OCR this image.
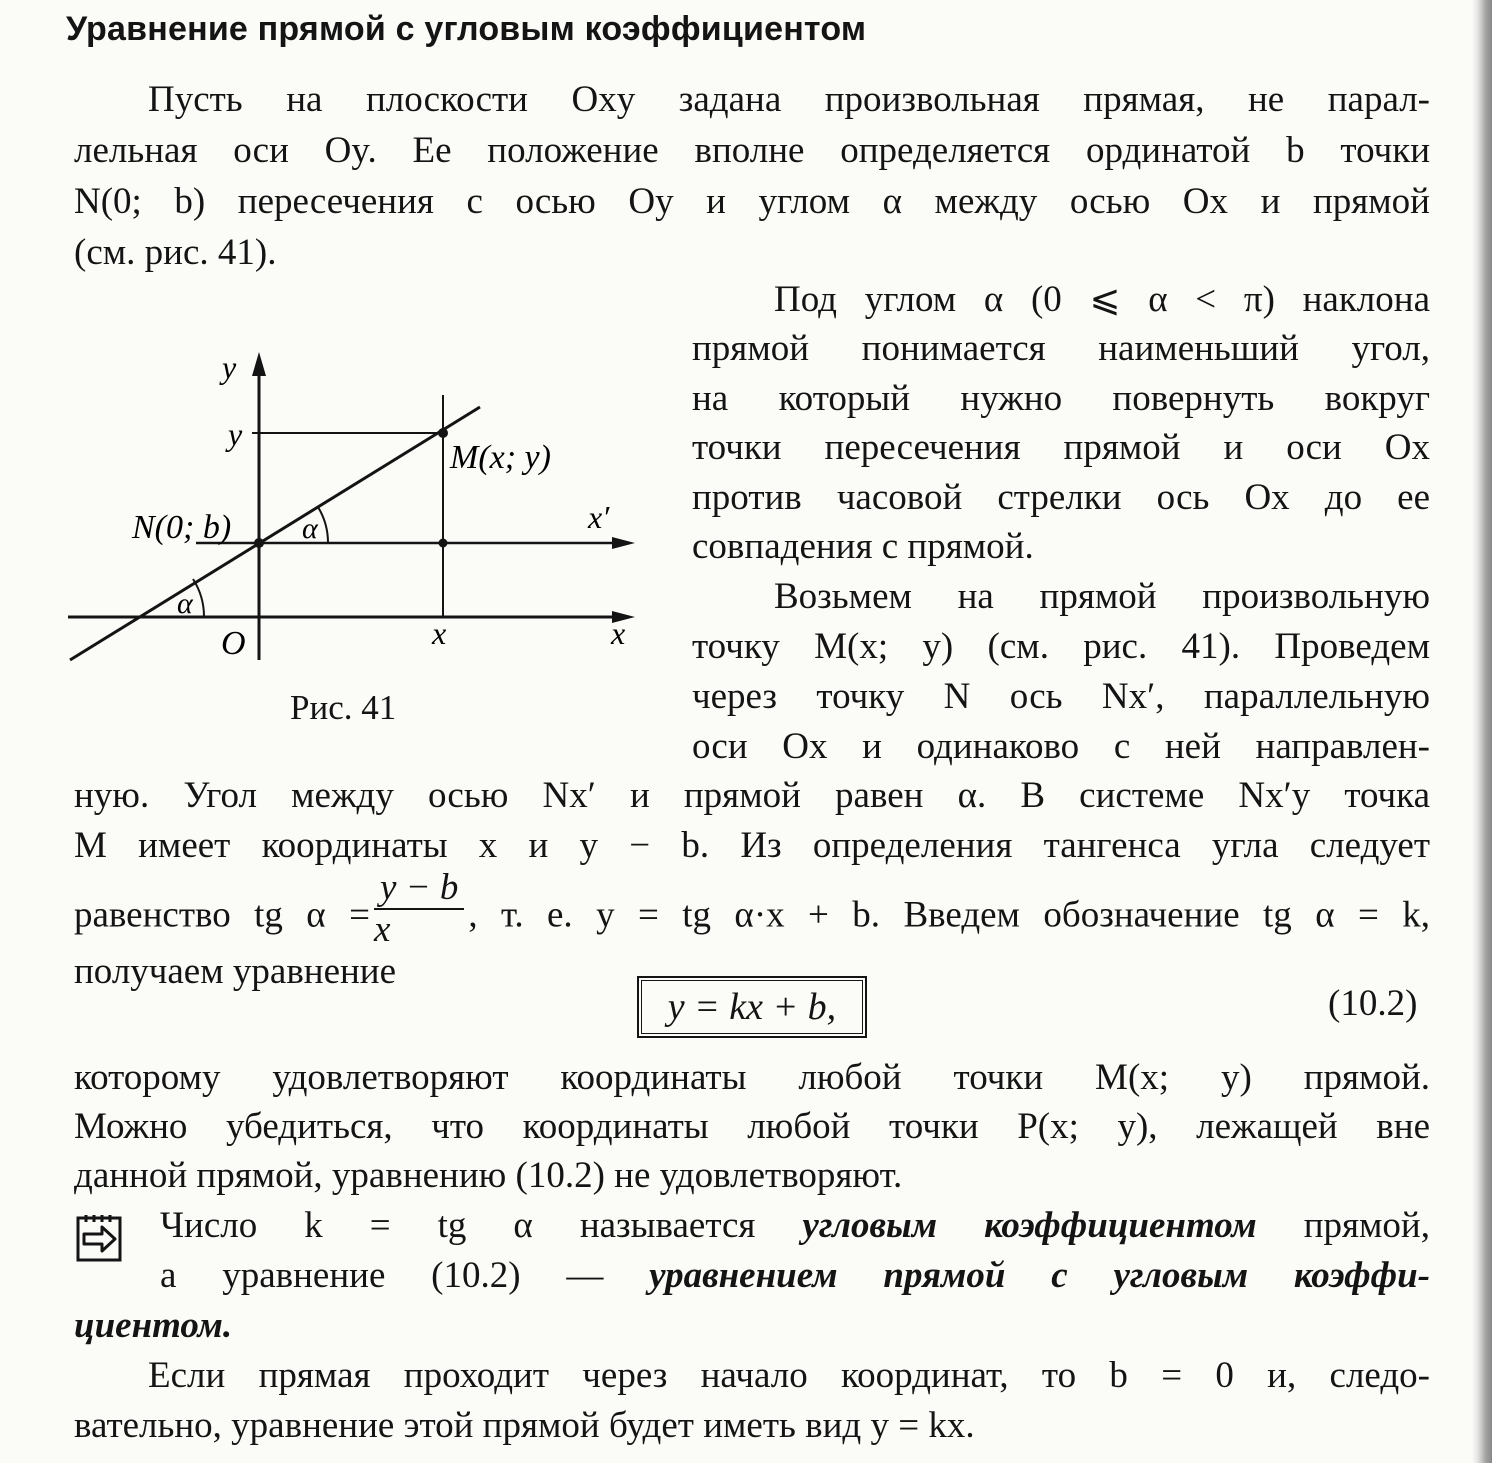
Уравнение прямой с угловым коэффициентом
Пусть на плоскости Oxy задана произвольная прямая, не парал-
лельная оси Oy. Ее положение вполне определяется ординатой b точки
N(0; b) пересечения с осью Oy и углом α между осью Ox и прямой
(см. рис. 41).
Под углом α (0 ⩽ α < π) наклона
прямой понимается наименьший угол,
на который нужно повернуть вокруг
точки пересечения прямой и оси Ox
против часовой стрелки ось Ox до ее
совпадения с прямой.
Возьмем на прямой произвольную
точку M(x; y) (см. рис. 41). Проведем
через точку N ось Nx′, параллельную
оси Ox и одинаково с ней направлен-
ную. Угол между осью Nx′ и прямой равен α. В системе Nx′y точка
M имеет координаты x и y − b. Из определения тангенса угла следует
равенство tg $\alpha = \frac{y - b}{x}$ , т. е. y = tg α·x + b. Введем обозначение tg α = k,
получаем уравнение
y = kx + b,	(10.2)
которому удовлетворяют координаты любой точки M(x; y) прямой.
Можно убедиться, что координаты любой точки P(x; y), лежащей вне
данной прямой, уравнению (10.2) не удовлетворяют.
Число k = tg α называется угловым коэффициентом прямой,
а уравнение (10.2) — уравнением прямой с угловым коэффи-
циентом.
Если прямая проходит через начало координат, то b = 0 и, следо-
вательно, уравнение этой прямой будет иметь вид y = kx.
y
y
M(x; y)
N(0; b)	x′
α
α
O	x	x
Рис. 41
